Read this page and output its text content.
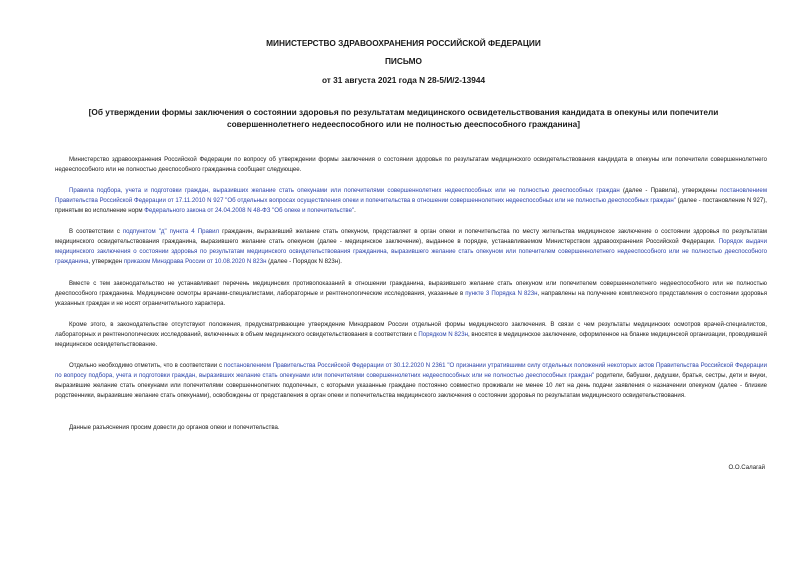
МИНИСТЕРСТВО ЗДРАВООХРАНЕНИЯ РОССИЙСКОЙ ФЕДЕРАЦИИ
ПИСЬМО
от 31 августа 2021 года N 28-5/И/2-13944
[Об утверждении формы заключения о состоянии здоровья по результатам медицинского освидетельствования кандидата в опекуны или попечители совершеннолетнего недееспособного или не полностью дееспособного гражданина]
Министерство здравоохранения Российской Федерации по вопросу об утверждении формы заключения о состоянии здоровья по результатам медицинского освидетельствования кандидата в опекуны или попечители совершеннолетнего недееспособного или не полностью дееспособного гражданина сообщает следующее.
Правила подбора, учета и подготовки граждан, выразивших желание стать опекунами или попечителями совершеннолетних недееспособных или не полностью дееспособных граждан (далее - Правила), утверждены постановлением Правительства Российской Федерации от 17.11.2010 N 927 "Об отдельных вопросах осуществления опеки и попечительства в отношении совершеннолетних недееспособных или не полностью дееспособных граждан" (далее - постановление N 927), принятым во исполнение норм Федерального закона от 24.04.2008 N 48-ФЗ "Об опеке и попечительстве".
В соответствии с подпунктом "д" пункта 4 Правил гражданин, выразивший желание стать опекуном, представляет в орган опеки и попечительства по месту жительства медицинское заключение о состоянии здоровья по результатам медицинского освидетельствования гражданина, выразившего желание стать опекуном (далее - медицинское заключение), выданное в порядке, устанавливаемом Министерством здравоохранения Российской Федерации. Порядок выдачи медицинского заключения о состоянии здоровья по результатам медицинского освидетельствования гражданина, выразившего желание стать опекуном или попечителем совершеннолетнего недееспособного или не полностью дееспособного гражданина, утвержден приказом Минздрава России от 10.08.2020 N 823н (далее - Порядок N 823н).
Вместе с тем законодательство не устанавливает перечень медицинских противопоказаний в отношении гражданина, выразившего желание стать опекуном или попечителем совершеннолетнего недееспособного или не полностью дееспособного гражданина. Медицинские осмотры врачами-специалистами, лабораторные и рентгенологические исследования, указанные в пункте 3 Порядка N 823н, направлены на получение комплексного представления о состоянии здоровья указанных граждан и не носят ограничительного характера.
Кроме этого, в законодательстве отсутствуют положения, предусматривающие утверждение Минздравом России отдельной формы медицинского заключения. В связи с чем результаты медицинских осмотров врачей-специалистов, лабораторных и рентгенологических исследований, включенных в объем медицинского освидетельствования в соответствии с Порядком N 823н, вносятся в медицинское заключение, оформленное на бланке медицинской организации, проводившей медицинское освидетельствование.
Отдельно необходимо отметить, что в соответствии с постановлением Правительства Российской Федерации от 30.12.2020 N 2361 "О признании утратившими силу отдельных положений некоторых актов Правительства Российской Федерации по вопросу подбора, учета и подготовки граждан, выразивших желание стать опекунами или попечителями совершеннолетних недееспособных или не полностью дееспособных граждан" родители, бабушки, дедушки, братья, сестры, дети и внуки, выразившие желание стать опекунами или попечителями совершеннолетних подопечных, с которыми указанные граждане постоянно совместно проживали не менее 10 лет на день подачи заявления о назначении опекуном (далее - близкие родственники, выразившие желание стать опекунами), освобождены от представления в орган опеки и попечительства медицинского заключения о состоянии здоровья по результатам медицинского освидетельствования.
Данные разъяснения просим довести до органов опеки и попечительства.
О.О.Салагай
